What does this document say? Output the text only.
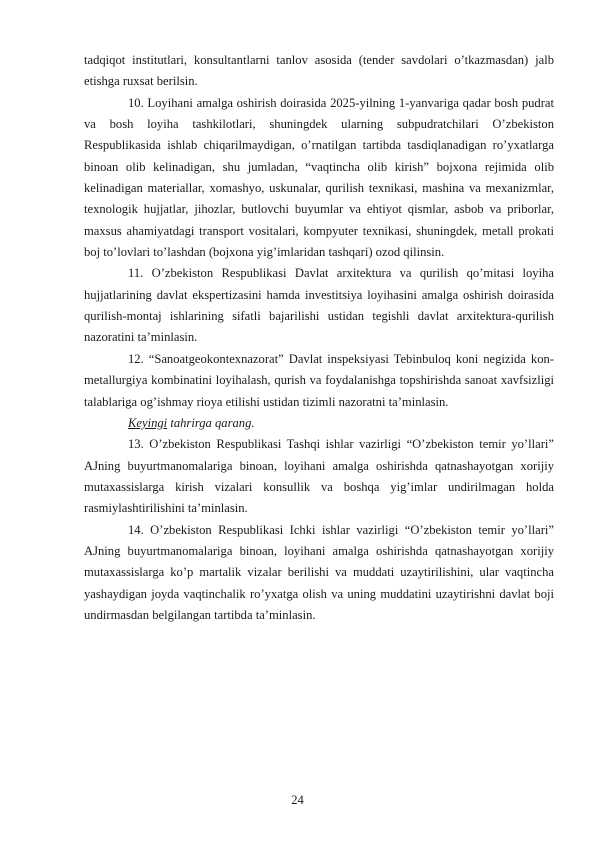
tadqiqot institutlari, konsultantlarni tanlov asosida (tender savdolari o’tkazmasdan) jalb etishga ruxsat berilsin.

10. Loyihani amalga oshirish doirasida 2025-yilning 1-yanvariga qadar bosh pudrat va bosh loyiha tashkilotlari, shuningdek ularning subpudratchilari O’zbekiston Respublikasida ishlab chiqarilmaydigan, o’rnatilgan tartibda tasdiqlanadigan ro’yxatlarga binoan olib kelinadigan, shu jumladan, “vaqtincha olib kirish” bojxona rejimida olib kelinadigan materiallar, xomashyo, uskunalar, qurilish texnikasi, mashina va mexanizmlar, texnologik hujjatlar, jihozlar, butlovchi buyumlar va ehtiyot qismlar, asbob va priborlar, maxsus ahamiyatdagi transport vositalari, kompyuter texnikasi, shuningdek, metall prokati boj to’lovlari to’lashdan (bojxona yig’imlaridan tashqari) ozod qilinsin.

11. O’zbekiston Respublikasi Davlat arxitektura va qurilish qo’mitasi loyiha hujjatlarining davlat ekspertizasini hamda investitsiya loyihasini amalga oshirish doirasida qurilish-montaj ishlarining sifatli bajarilishi ustidan tegishli davlat arxitektura-qurilish nazoratini ta’minlasin.

12. “Sanoatgeokontexnazorat” Davlat inspeksiyasi Tebinbuloq koni negizida kon-metallurgiya kombinatini loyihalash, qurish va foydalanishga topshirishda sanoat xavfsizligi talablariga og’ishmay rioya etilishi ustidan tizimli nazoratni ta’minlasin.

Keyingi tahrirga qarang.

13. O’zbekiston Respublikasi Tashqi ishlar vazirligi “O’zbekiston temir yo’llari” AJning buyurtmanomalariga binoan, loyihani amalga oshirishda qatnashayotgan xorijiy mutaxassislarga kirish vizalari konsullik va boshqa yig’imlar undirilmagan holda rasmiylashtirilishini ta’minlasin.

14. O’zbekiston Respublikasi Ichki ishlar vazirligi “O’zbekiston temir yo’llari” AJning buyurtmanomalariga binoan, loyihani amalga oshirishda qatnashayotgan xorijiy mutaxassislarga ko’p martalik vizalar berilishi va muddati uzaytirilishini, ular vaqtincha yashaydigan joyda vaqtinchalik ro’yxatga olish va uning muddatini uzaytirishni davlat boji undirmasdan belgilangan tartibda ta’minlasin.

24
